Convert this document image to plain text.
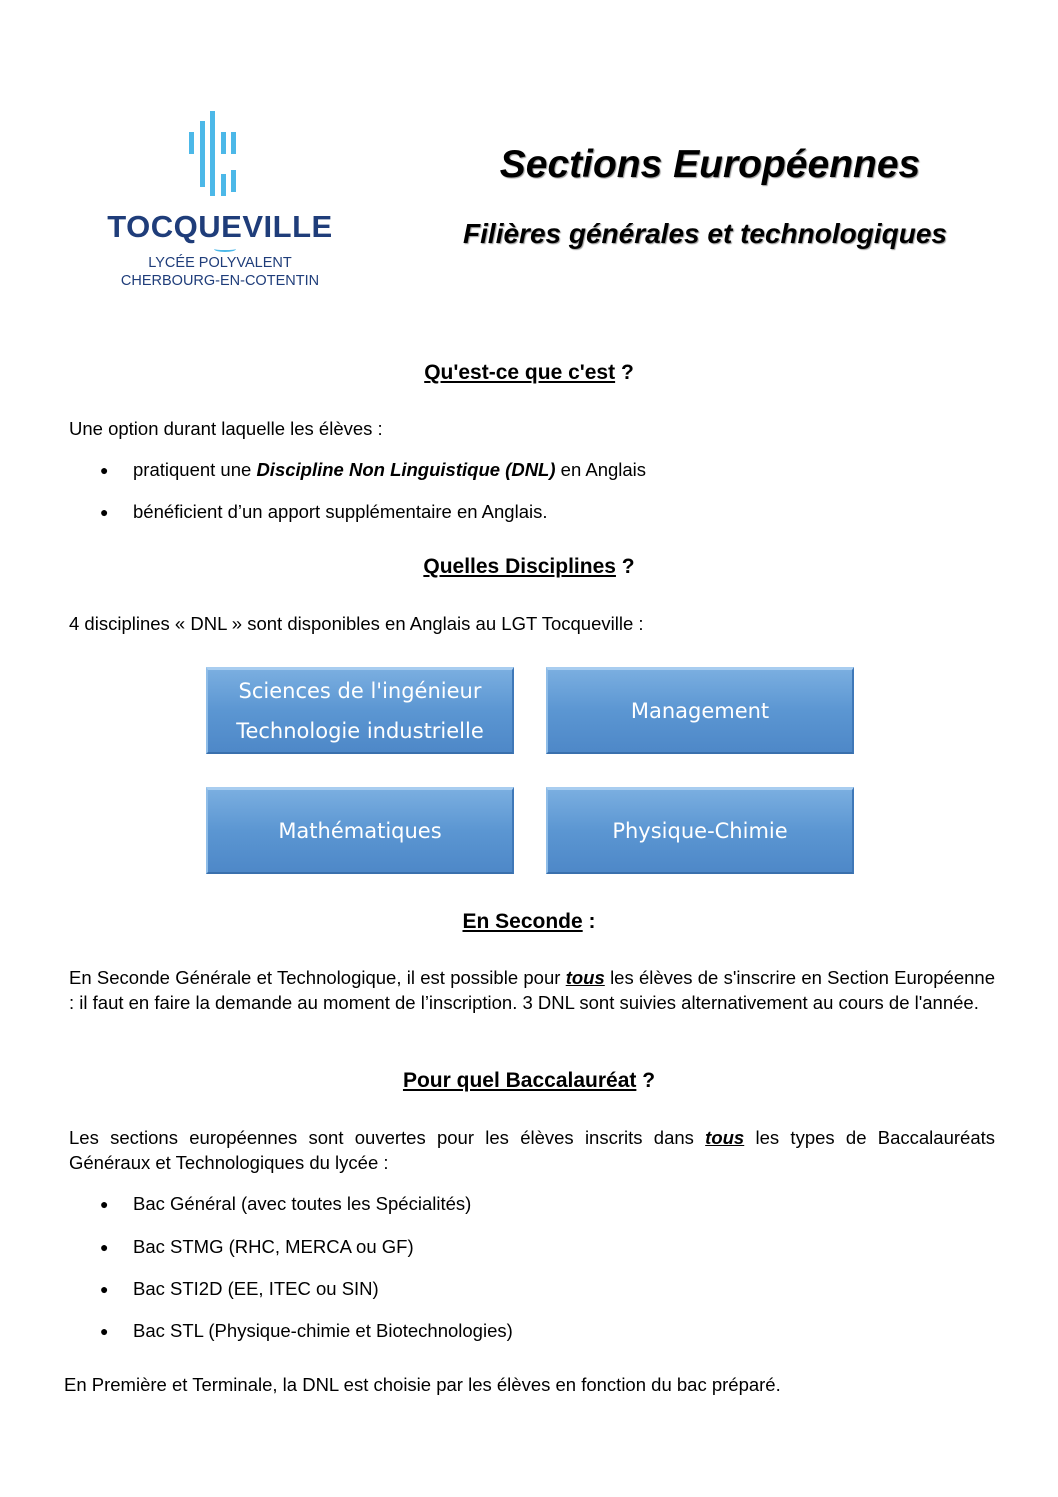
TOCQUEVILLE
LYCÉE POLYVALENT
CHERBOURG-EN-COTENTIN
Sections Européennes
Filières générales et technologiques
Qu'est-ce que c'est ?
Une option durant laquelle les élèves :
● pratiquent une Discipline Non Linguistique (DNL) en Anglais
● bénéficient d’un apport supplémentaire en Anglais.
Quelles Disciplines ?
4 disciplines « DNL » sont disponibles en Anglais au LGT Tocqueville :
Sciences de l'ingénieur
Technologie industrielle
Management
Mathématiques	Physique-Chimie
En Seconde :
En Seconde Générale et Technologique, il est possible pour tous les élèves de s'inscrire en Section Européenne : il faut en faire la demande au moment de l’inscription. 3 DNL sont suivies alternativement au cours de l'année.
Pour quel Baccalauréat ?
Les sections européennes sont ouvertes pour les élèves inscrits dans tous les types de Baccalauréats Généraux et Technologiques du lycée :
● Bac Général (avec toutes les Spécialités)
● Bac STMG (RHC, MERCA ou GF)
● Bac STI2D (EE, ITEC ou SIN)
● Bac STL (Physique-chimie et Biotechnologies)
En Première et Terminale, la DNL est choisie par les élèves en fonction du bac préparé.
